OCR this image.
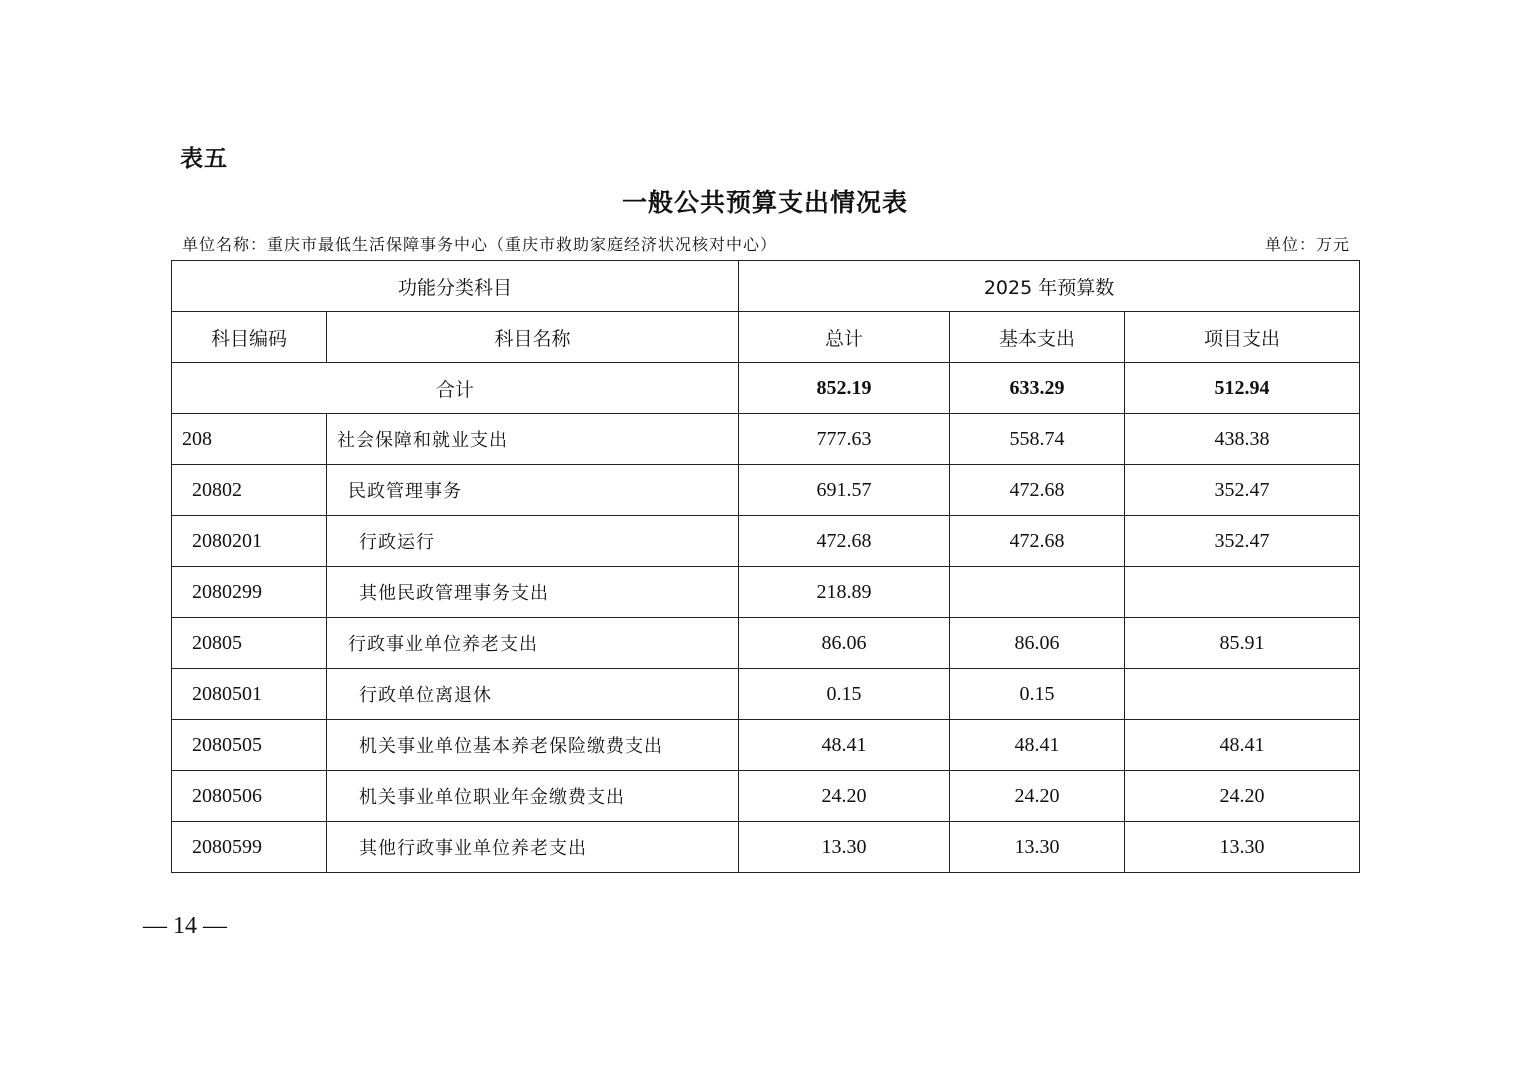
表五
一般公共预算支出情况表
单位名称：重庆市最低生活保障事务中心（重庆市救助家庭经济状况核对中心）	单位：万元
功能分类科目		2025 年预算数		
科目编码	科目名称	总计	基本支出	项目支出
合计		852.19	633.29	512.94
208	社会保障和就业支出	777.63	558.74	438.38
20802	民政管理事务	691.57	472.68	352.47
2080201	行政运行	472.68	472.68	352.47
2080299	其他民政管理事务支出	218.89		
20805	行政事业单位养老支出	86.06	86.06	85.91
2080501	行政单位离退休	0.15	0.15	
2080505	机关事业单位基本养老保险缴费支出	48.41	48.41	48.41
2080506	机关事业单位职业年金缴费支出	24.20	24.20	24.20
2080599	其他行政事业单位养老支出	13.30	13.30	13.30
— 14 —
